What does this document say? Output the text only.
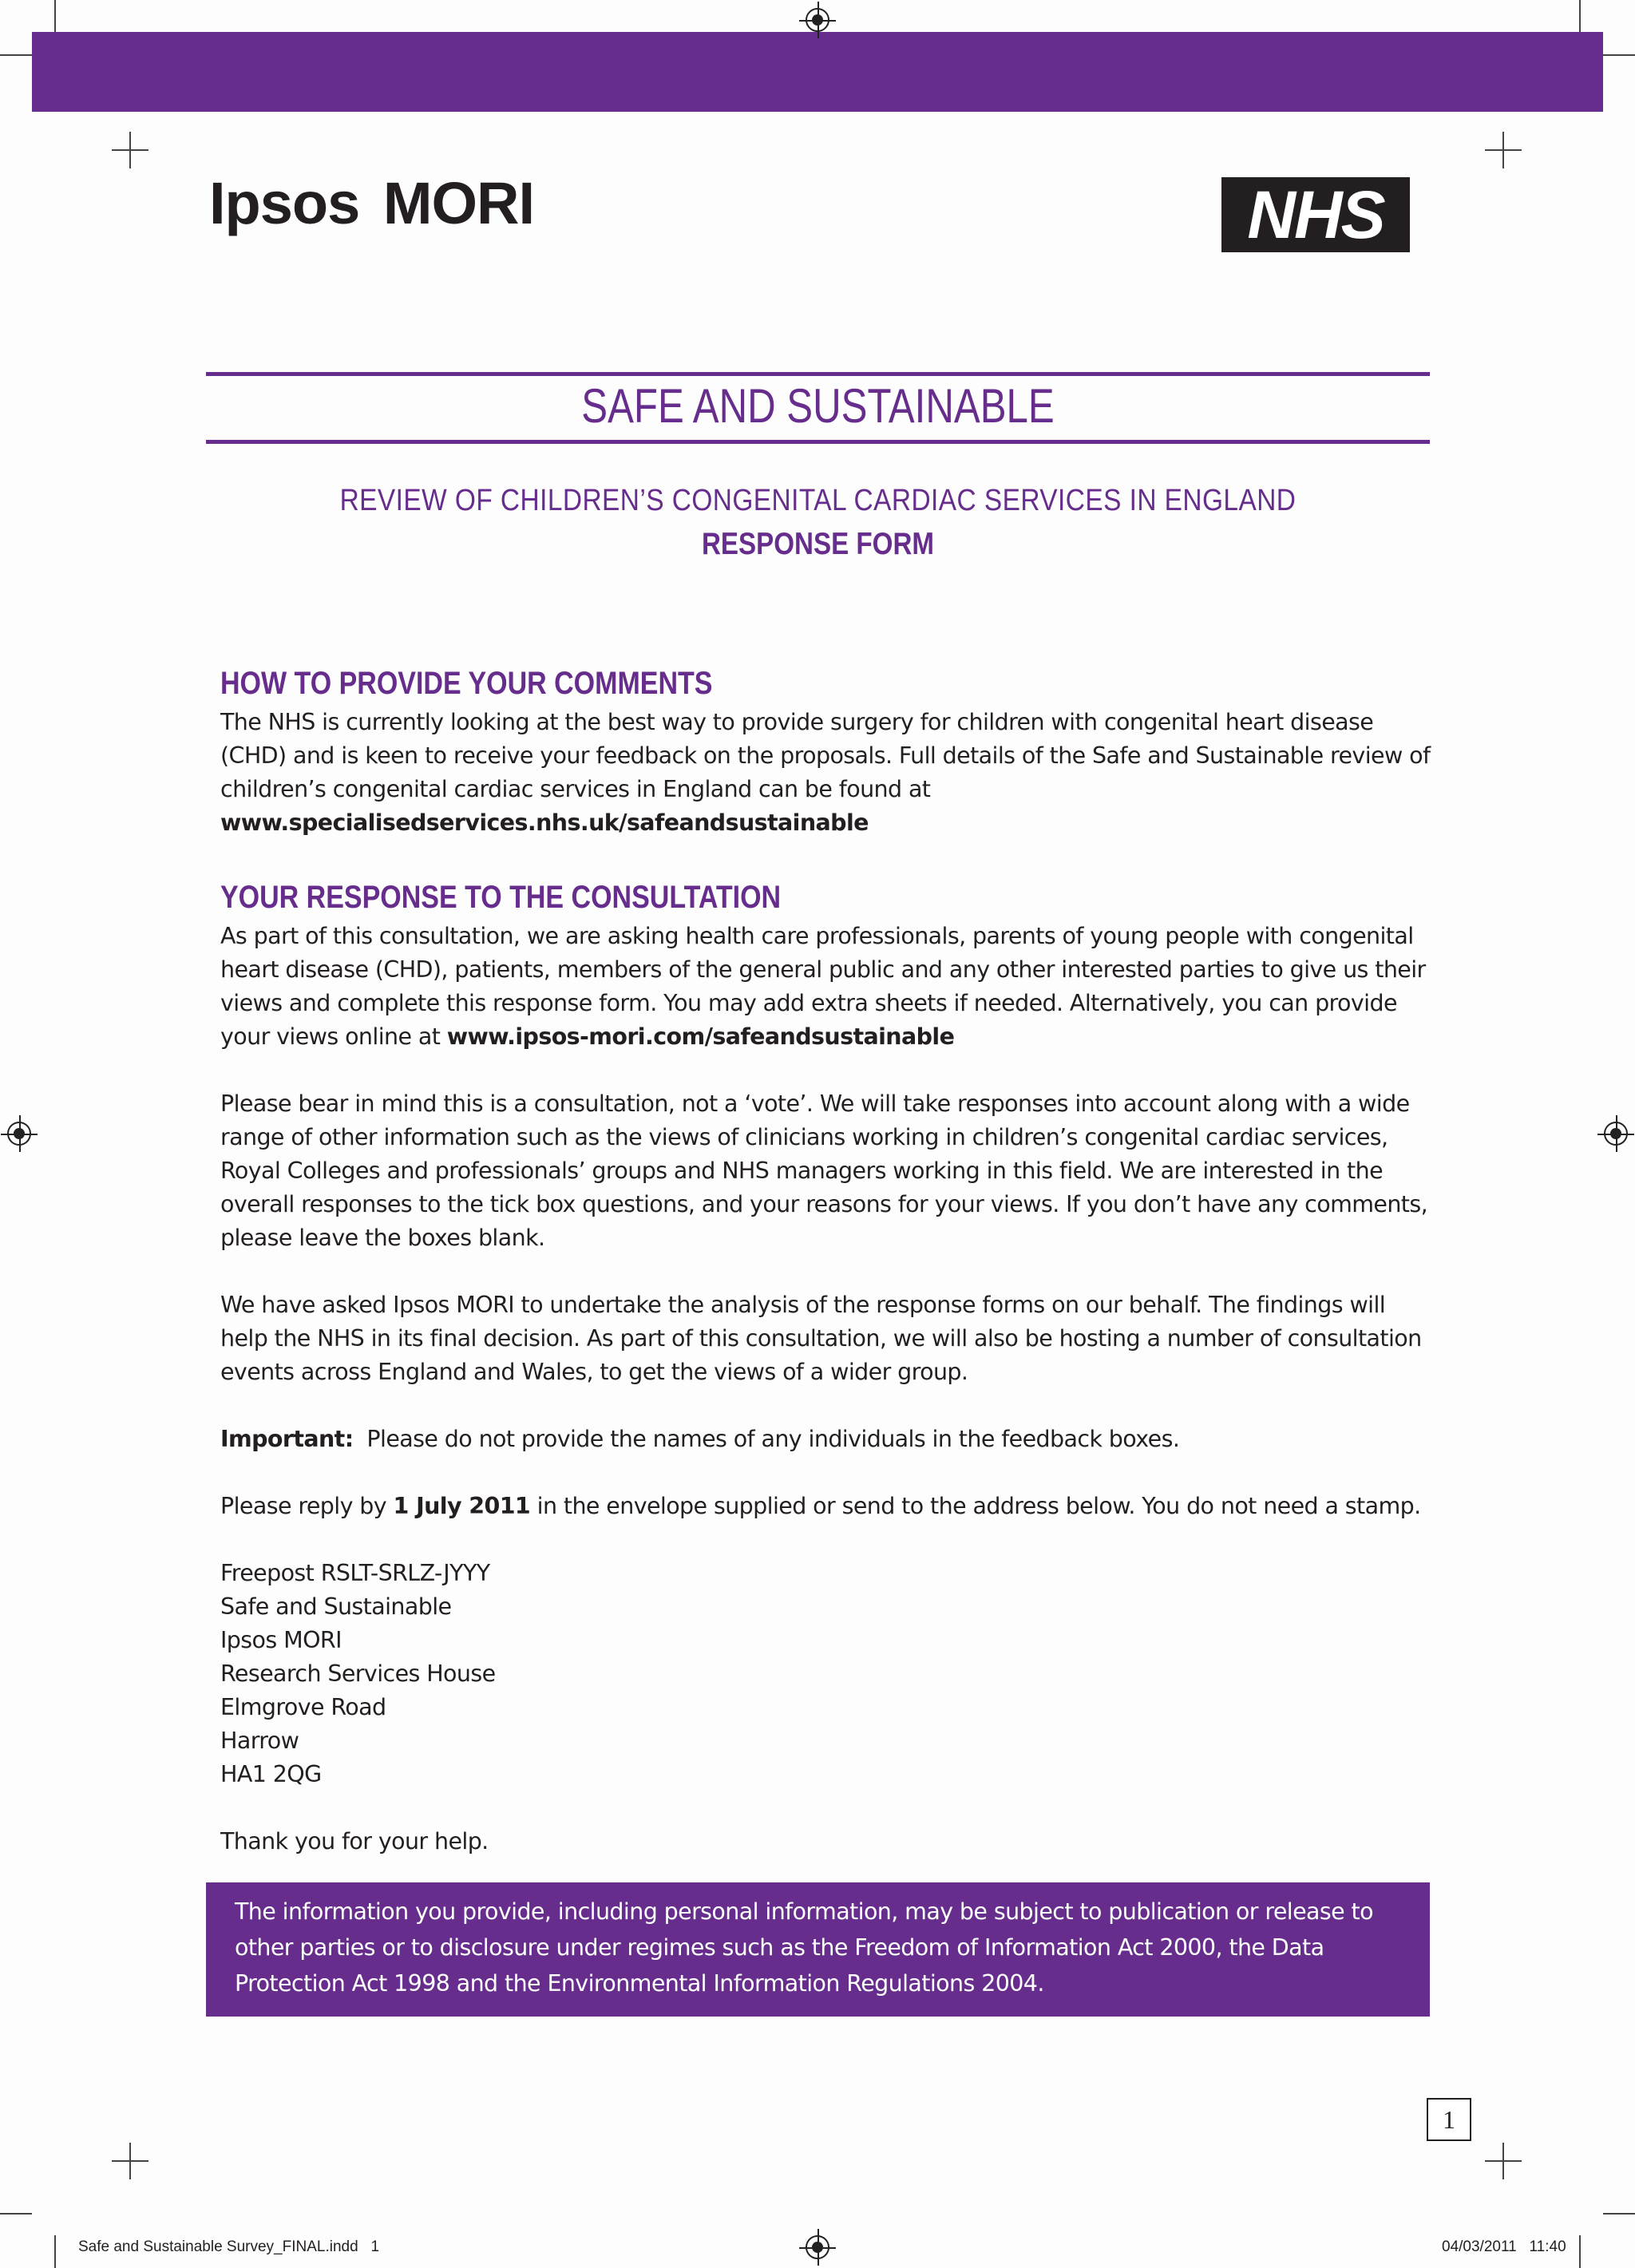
Ipsos MORI	NHS
SAFE AND SUSTAINABLE
REVIEW OF CHILDREN’S CONGENITAL CARDIAC SERVICES IN ENGLAND
RESPONSE FORM
HOW TO PROVIDE YOUR COMMENTS

The NHS is currently looking at the best way to provide surgery for children with congenital heart disease (CHD) and is keen to receive your feedback on the proposals. Full details of the Safe and Sustainable review of children’s congenital cardiac services in England can be found at www.specialisedservices.nhs.uk/safeandsustainable

YOUR RESPONSE TO THE CONSULTATION

As part of this consultation, we are asking health care professionals, parents of young people with congenital heart disease (CHD), patients, members of the general public and any other interested parties to give us their views and complete this response form. You may add extra sheets if needed. Alternatively, you can provide your views online at www.ipsos-mori.com/safeandsustainable

Please bear in mind this is a consultation, not a ‘vote’. We will take responses into account along with a wide range of other information such as the views of clinicians working in children’s congenital cardiac services, Royal Colleges and professionals’ groups and NHS managers working in this field. We are interested in the overall responses to the tick box questions, and your reasons for your views. If you don’t have any comments, please leave the boxes blank.

We have asked Ipsos MORI to undertake the analysis of the response forms on our behalf. The findings will help the NHS in its final decision. As part of this consultation, we will also be hosting a number of consultation events across England and Wales, to get the views of a wider group.

Important:  Please do not provide the names of any individuals in the feedback boxes.

Please reply by 1 July 2011 in the envelope supplied or send to the address below. You do not need a stamp.

Freepost RSLT-SRLZ-JYYY
Safe and Sustainable
Ipsos MORI
Research Services House
Elmgrove Road
Harrow
HA1 2QG

Thank you for your help.

The information you provide, including personal information, may be subject to publication or release to other parties or to disclosure under regimes such as the Freedom of Information Act 2000, the Data Protection Act 1998 and the Environmental Information Regulations 2004.

1
Safe and Sustainable Survey_FINAL.indd   1	04/03/2011   11:40
